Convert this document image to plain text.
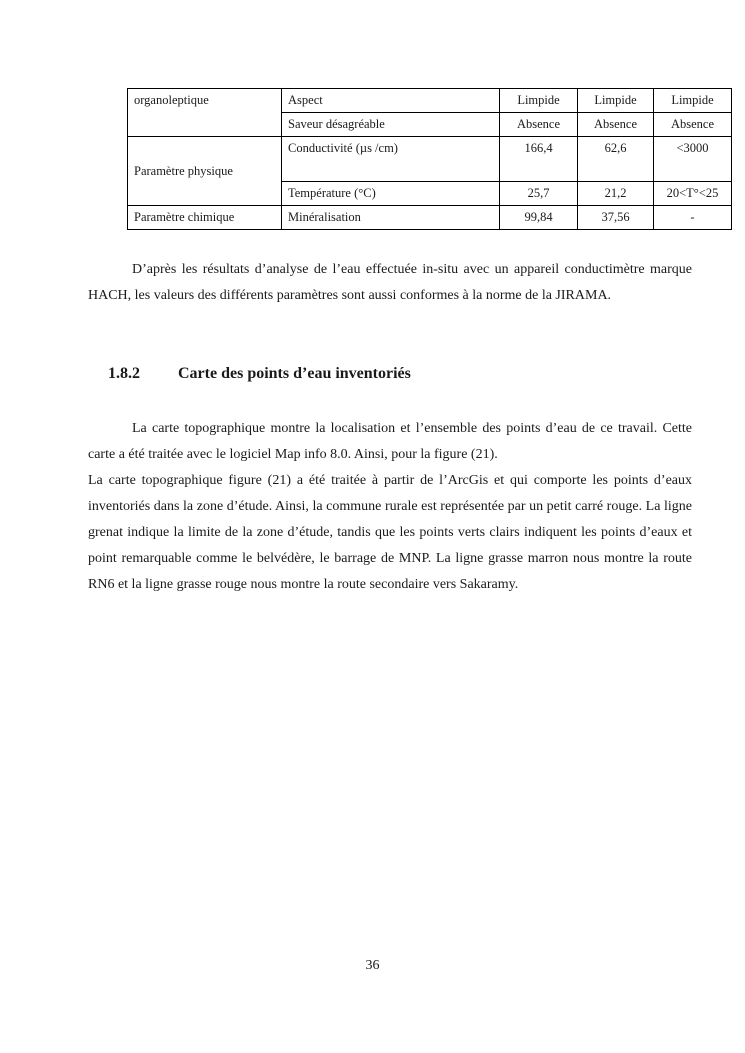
organoleptique	Aspect	Limpide	Limpide	Limpide
	Saveur désagréable	Absence	Absence	Absence
Paramètre physique	Conductivité (µs /cm)	166,4	62,6	<3000
	Température (°C)	25,7	21,2	20<T°<25
Paramètre chimique	Minéralisation	99,84	37,56	-

D’après les résultats d’analyse de l’eau effectuée in-situ avec un appareil conductimètre marque HACH, les valeurs des différents paramètres sont aussi conformes à la norme de la JIRAMA.

1.8.2 Carte des points d’eau inventoriés

La carte topographique montre la localisation et l’ensemble des points d’eau de ce travail. Cette carte a été traitée avec le logiciel Map info 8.0. Ainsi, pour la figure (21).

La carte topographique figure (21) a été traitée à partir de l’ArcGis et qui comporte les points d’eaux inventoriés dans la zone d’étude. Ainsi, la commune rurale est représentée par un petit carré rouge. La ligne grenat indique la limite de la zone d’étude, tandis que les points verts clairs indiquent les points d’eaux et point remarquable comme le belvédère, le barrage de MNP. La ligne grasse marron nous montre la route RN6 et la ligne grasse rouge nous montre la route secondaire vers Sakaramy.

36
